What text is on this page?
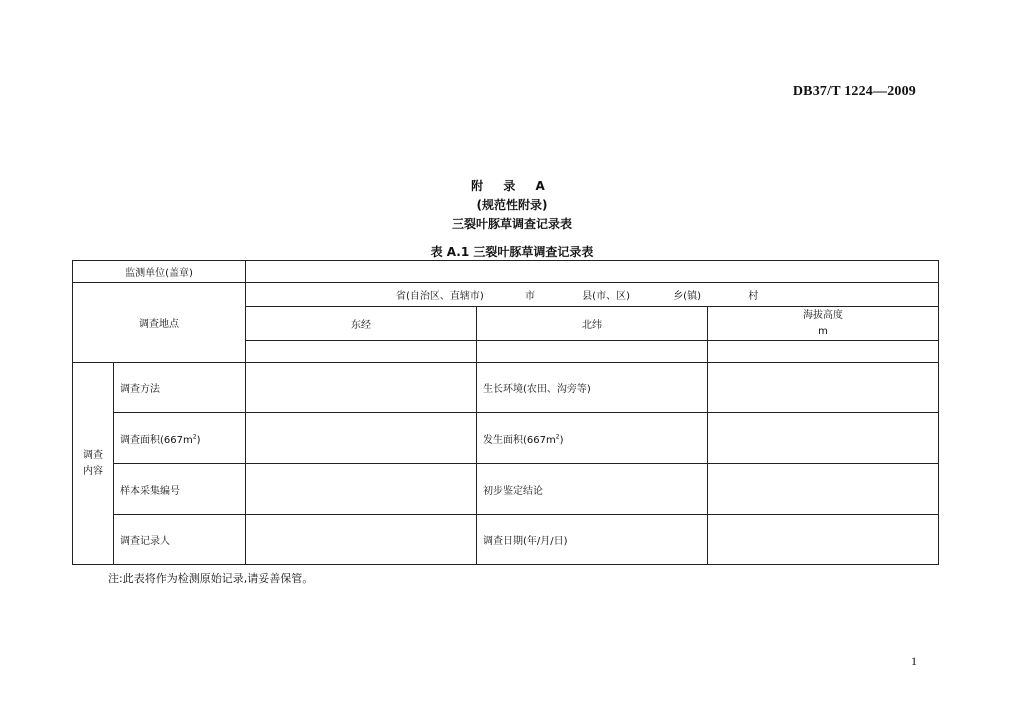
DB37/T 1224—2009
附 录 A
(规范性附录)
三裂叶豚草调查记录表
表 A.1 三裂叶豚草调查记录表
监测单位(盖章)				
调查地点		省(自治区、直辖市) 市 县(市、区) 乡(镇) 村		
		东经	北纬	海拔高度
m

调查
内容	调查方法		生长环境(农田、沟旁等)	
	调查面积$(667m^2)$		发生面积$(667m^2)$	
	样本采集编号		初步鉴定结论	
	调查记录人		调查日期(年/月/日)	
注:此表将作为检测原始记录,请妥善保管。
1
